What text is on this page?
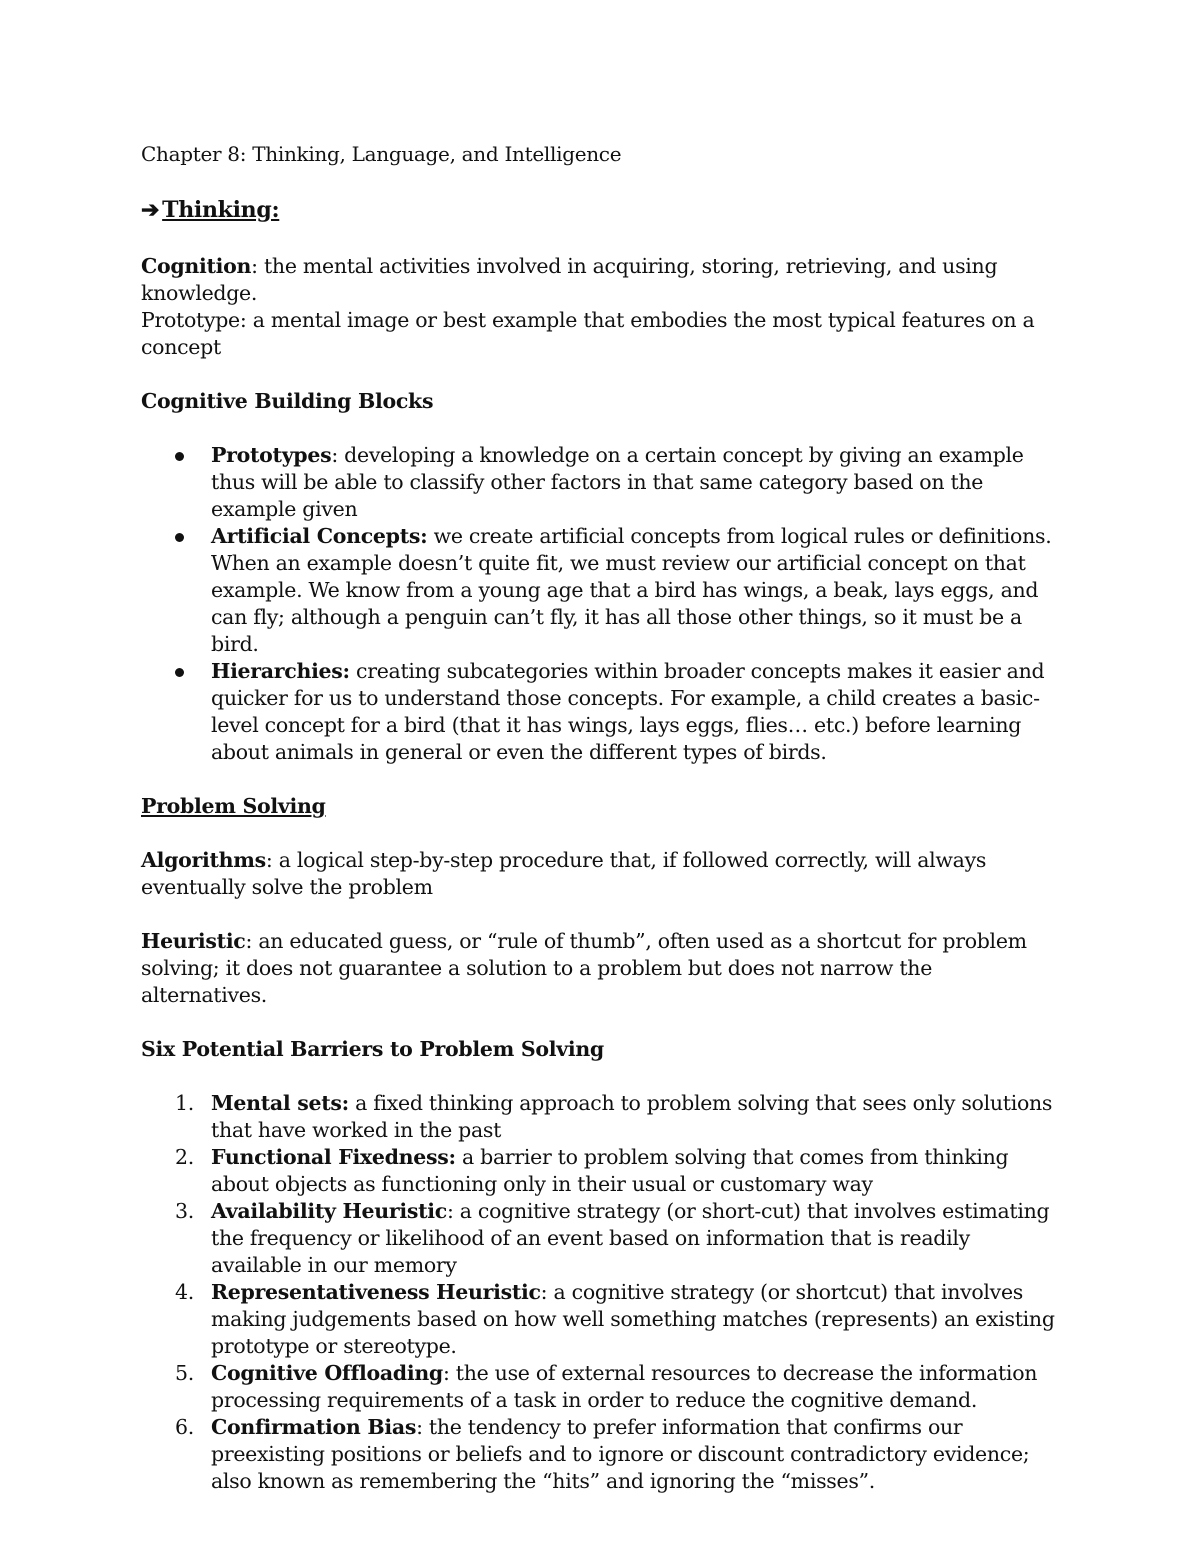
Chapter 8: Thinking, Language, and Intelligence

➔ Thinking:

Cognition: the mental activities involved in acquiring, storing, retrieving, and using knowledge.

Prototype: a mental image or best example that embodies the most typical features on a concept

Cognitive Building Blocks

Prototypes: developing a knowledge on a certain concept by giving an example thus will be able to classify other factors in that same category based on the example given
Artificial Concepts: we create artificial concepts from logical rules or definitions. When an example doesn’t quite fit, we must review our artificial concept on that example. We know from a young age that a bird has wings, a beak, lays eggs, and can fly; although a penguin can’t fly, it has all those other things, so it must be a bird.
Hierarchies: creating subcategories within broader concepts makes it easier and quicker for us to understand those concepts. For example, a child creates a basic-level concept for a bird (that it has wings, lays eggs, flies… etc.) before learning about animals in general or even the different types of birds.

Problem Solving

Algorithms: a logical step-by-step procedure that, if followed correctly, will always eventually solve the problem

Heuristic: an educated guess, or “rule of thumb”, often used as a shortcut for problem solving; it does not guarantee a solution to a problem but does not narrow the alternatives.

Six Potential Barriers to Problem Solving

1. Mental sets: a fixed thinking approach to problem solving that sees only solutions that have worked in the past
2. Functional Fixedness: a barrier to problem solving that comes from thinking about objects as functioning only in their usual or customary way
3. Availability Heuristic: a cognitive strategy (or short-cut) that involves estimating the frequency or likelihood of an event based on information that is readily available in our memory
4. Representativeness Heuristic: a cognitive strategy (or shortcut) that involves making judgements based on how well something matches (represents) an existing prototype or stereotype.
5. Cognitive Offloading: the use of external resources to decrease the information processing requirements of a task in order to reduce the cognitive demand.
6. Confirmation Bias: the tendency to prefer information that confirms our preexisting positions or beliefs and to ignore or discount contradictory evidence; also known as remembering the “hits” and ignoring the “misses”.
